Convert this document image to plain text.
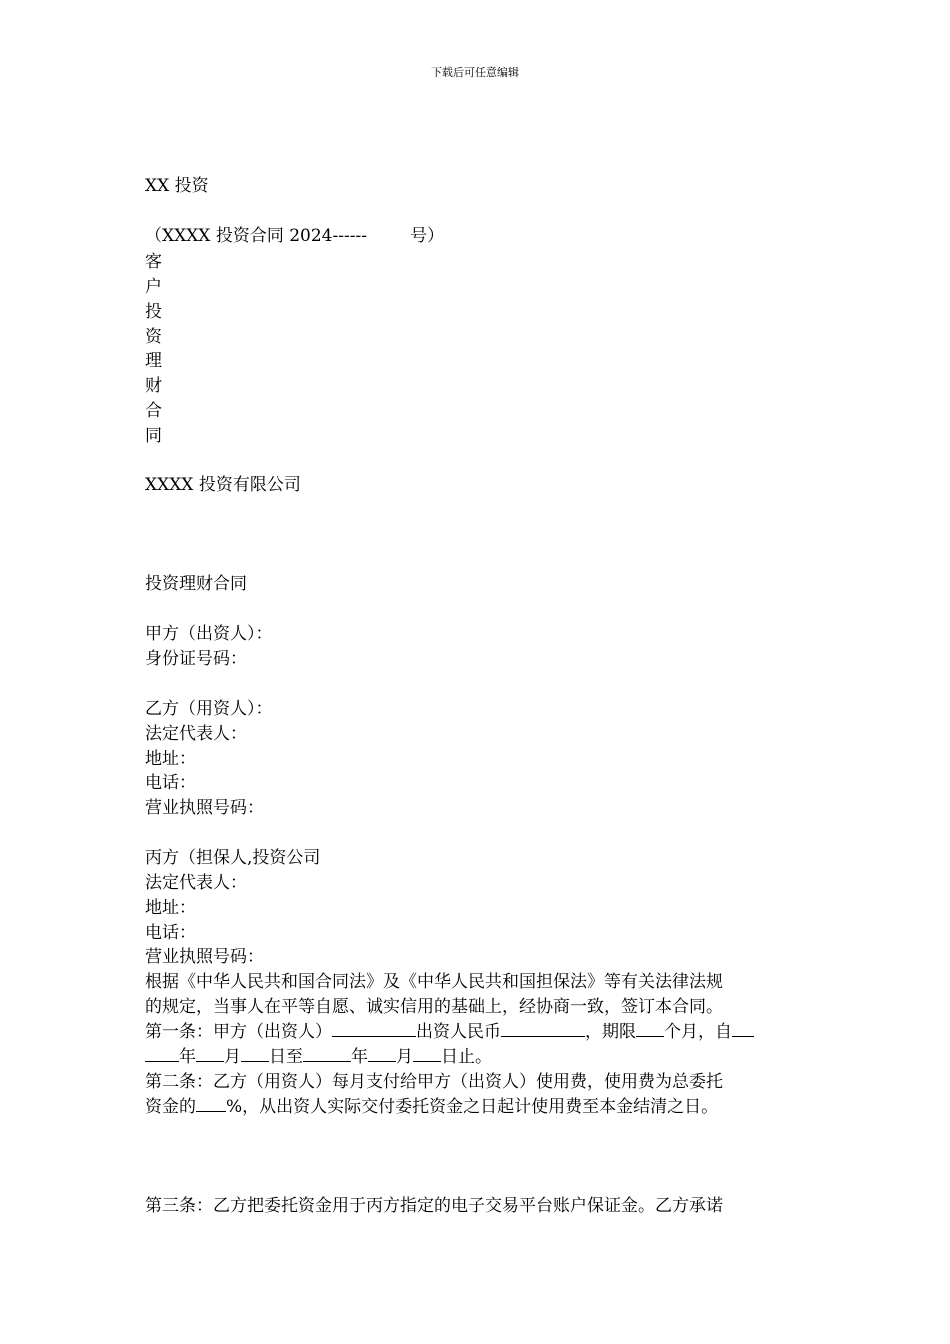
下载后可任意编辑
XX 投资
（XXXX 投资合同 2024------        号）
客
户
投
资
理
财
合
同
XXXX 投资有限公司
投资理财合同
甲方（出资人）：
身份证号码：
乙方（用资人）：
法定代表人：
地址：
电话：
营业执照号码：
丙方（担保人,投资公司
法定代表人：
地址：
电话：
营业执照号码：
根据《中华人民共和国合同法》及《中华人民共和国担保法》等有关法律法规
的规定，当事人在平等自愿、诚实信用的基础上，经协商一致，签订本合同。
第一条：甲方（出资人）	出资人民币	，期限 个月，自
年 月 日至	年 月 日止。
第二条：乙方（用资人）每月支付给甲方（出资人）使用费，使用费为总委托
资金的 %，从出资人实际交付委托资金之日起计使用费至本金结清之日。
第三条：乙方把委托资金用于丙方指定的电子交易平台账户保证金。乙方承诺
